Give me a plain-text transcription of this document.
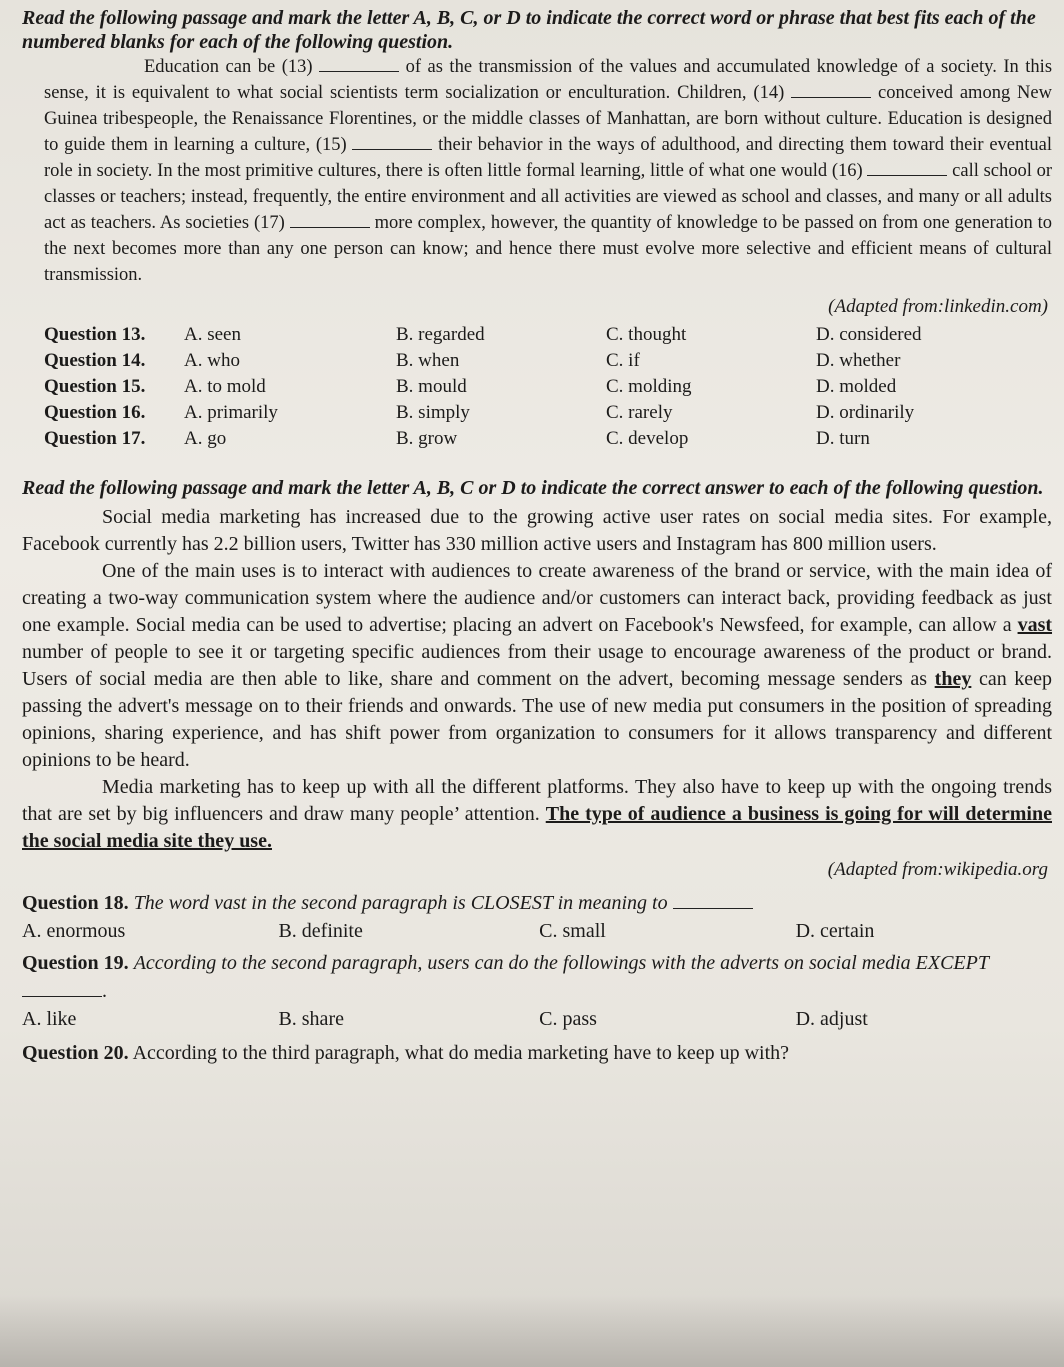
Read the following passage and mark the letter A, B, C, or D to indicate the correct word or phrase that best fits each of the numbered blanks for each of the following question.

Education can be (13)	of as the transmission of the values and accumulated knowledge of a society. In this sense, it is equivalent to what social scientists term socialization or enculturation. Children, (14)	conceived among New Guinea tribespeople, the Renaissance Florentines, or the middle classes of Manhattan, are born without culture. Education is designed to guide them in learning a culture, (15)	their behavior in the ways of adulthood, and directing them toward their eventual role in society. In the most primitive cultures, there is often little formal learning, little of what one would (16)	call school or classes or teachers; instead, frequently, the entire environment and all activities are viewed as school and classes, and many or all adults act as teachers. As societies (17)	more complex, however, the quantity of knowledge to be passed on from one generation to the next becomes more than any one person can know; and hence there must evolve more selective and efficient means of cultural transmission.

(Adapted from:linkedin.com)

Question 13.	A. seen	B. regarded	C. thought	D. considered
Question 14.	A. who	B. when	C. if	D. whether
Question 15.	A. to mold	B. mould	C. molding	D. molded
Question 16.	A. primarily	B. simply	C. rarely	D. ordinarily
Question 17.	A. go	B. grow	C. develop	D. turn

Read the following passage and mark the letter A, B, C or D to indicate the correct answer to each of the following question.

Social media marketing has increased due to the growing active user rates on social media sites. For example, Facebook currently has 2.2 billion users, Twitter has 330 million active users and Instagram has 800 million users.

One of the main uses is to interact with audiences to create awareness of the brand or service, with the main idea of creating a two-way communication system where the audience and/or customers can interact back, providing feedback as just one example. Social media can be used to advertise; placing an advert on Facebook's Newsfeed, for example, can allow a vast number of people to see it or targeting specific audiences from their usage to encourage awareness of the product or brand. Users of social media are then able to like, share and comment on the advert, becoming message senders as they can keep passing the advert's message on to their friends and onwards. The use of new media put consumers in the position of spreading opinions, sharing experience, and has shift power from organization to consumers for it allows transparency and different opinions to be heard.

Media marketing has to keep up with all the different platforms. They also have to keep up with the ongoing trends that are set by big influencers and draw many people’ attention. The type of audience a business is going for will determine the social media site they use.

(Adapted from:wikipedia.org

Question 18. The word vast in the second paragraph is CLOSEST in meaning to

A. enormous	B. definite	C. small	D. certain

Question 19. According to the second paragraph, users can do the followings with the adverts on social media EXCEPT .

A. like	B. share	C. pass	D. adjust

Question 20. According to the third paragraph, what do media marketing have to keep up with?
